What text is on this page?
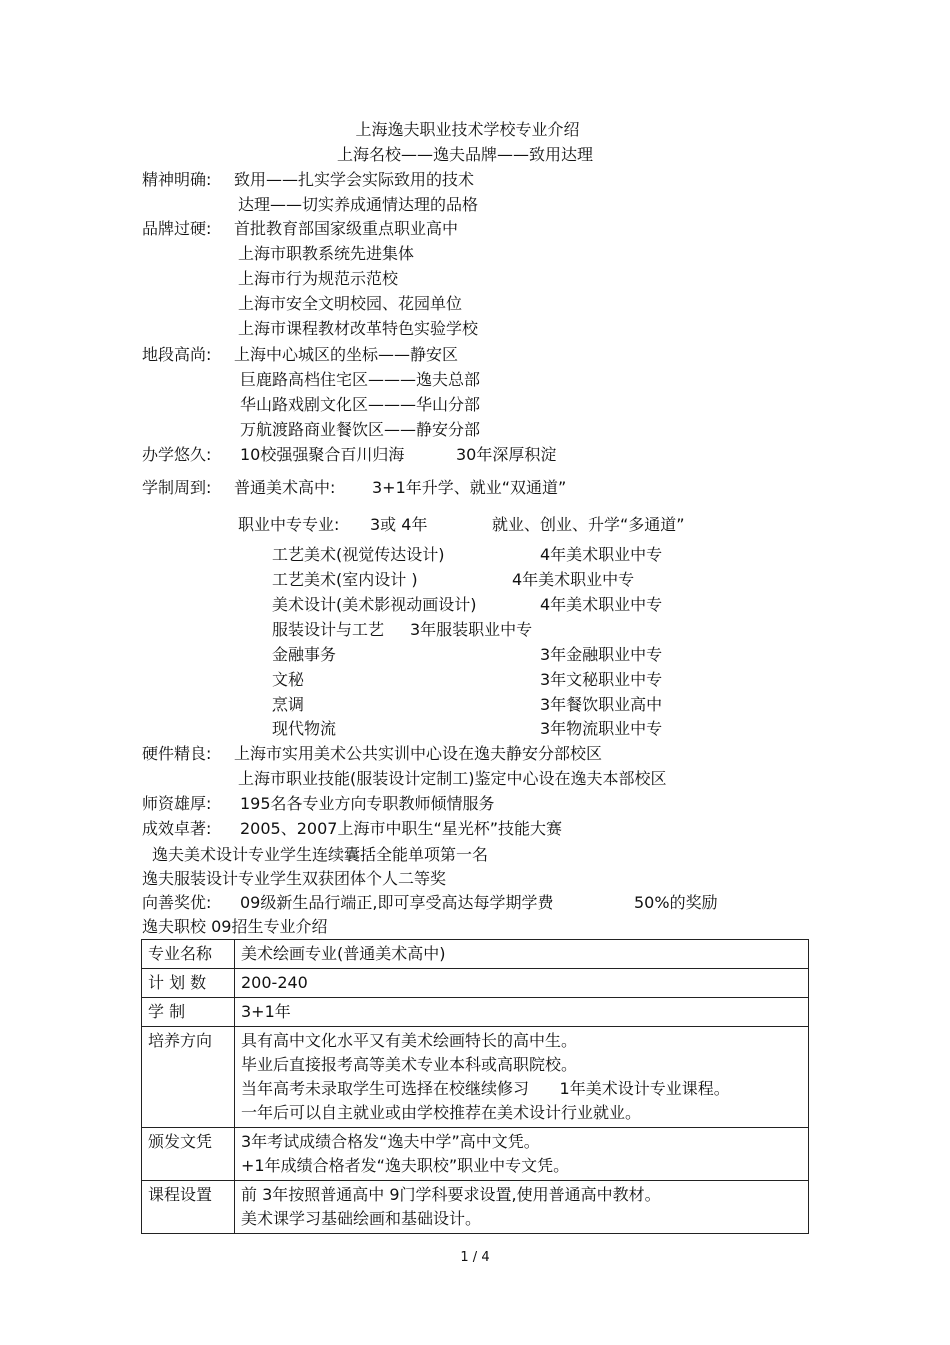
上海逸夫职业技术学校专业介绍
上海名校——逸夫品牌——致用达理
精神明确: 致用——扎实学会实际致用的技术
达理——切实养成通情达理的品格
品牌过硬: 首批教育部国家级重点职业高中
上海市职教系统先进集体
上海市行为规范示范校
上海市安全文明校园、花园单位
上海市课程教材改革特色实验学校
地段高尚: 上海中心城区的坐标——静安区
巨鹿路高档住宅区———逸夫总部
华山路戏剧文化区———华山分部
万航渡路商业餐饮区——静安分部
办学悠久: 10校强强聚合百川归海	30年深厚积淀
学制周到: 普通美术高中: 3+1年升学、就业“双通道”
职业中专专业: 3或 4年	就业、创业、升学“多通道”
工艺美术(视觉传达设计)	4年美术职业中专
工艺美术(室内设计 )	4年美术职业中专
美术设计(美术影视动画设计)	4年美术职业中专
服装设计与工艺 3年服装职业中专
金融事务	3年金融职业中专
文秘	3年文秘职业中专
烹调	3年餐饮职业高中
现代物流	3年物流职业中专
硬件精良: 上海市实用美术公共实训中心设在逸夫静安分部校区
上海市职业技能(服装设计定制工)鉴定中心设在逸夫本部校区
师资雄厚: 195名各专业方向专职教师倾情服务
成效卓著: 2005、2007上海市中职生“星光杯”技能大赛
逸夫美术设计专业学生连续囊括全能单项第一名
逸夫服装设计专业学生双获团体个人二等奖
向善奖优: 09级新生品行端正,即可享受高达每学期学费	50%的奖励
逸夫职校 09招生专业介绍
专业名称	美术绘画专业(普通美术高中)

计 划 数	200-240

学 制	3+1年

培养方向	具有高中文化水平又有美术绘画特长的高中生。
毕业后直接报考高等美术专业本科或高职院校。
当年高考未录取学生可选择在校继续修习      1年美术设计专业课程。
一年后可以自主就业或由学校推荐在美术设计行业就业。

颁发文凭	3年考试成绩合格发“逸夫中学”高中文凭。
+1年成绩合格者发“逸夫职校”职业中专文凭。

课程设置	前 3年按照普通高中 9门学科要求设置,使用普通高中教材。
美术课学习基础绘画和基础设计。
1 / 4
